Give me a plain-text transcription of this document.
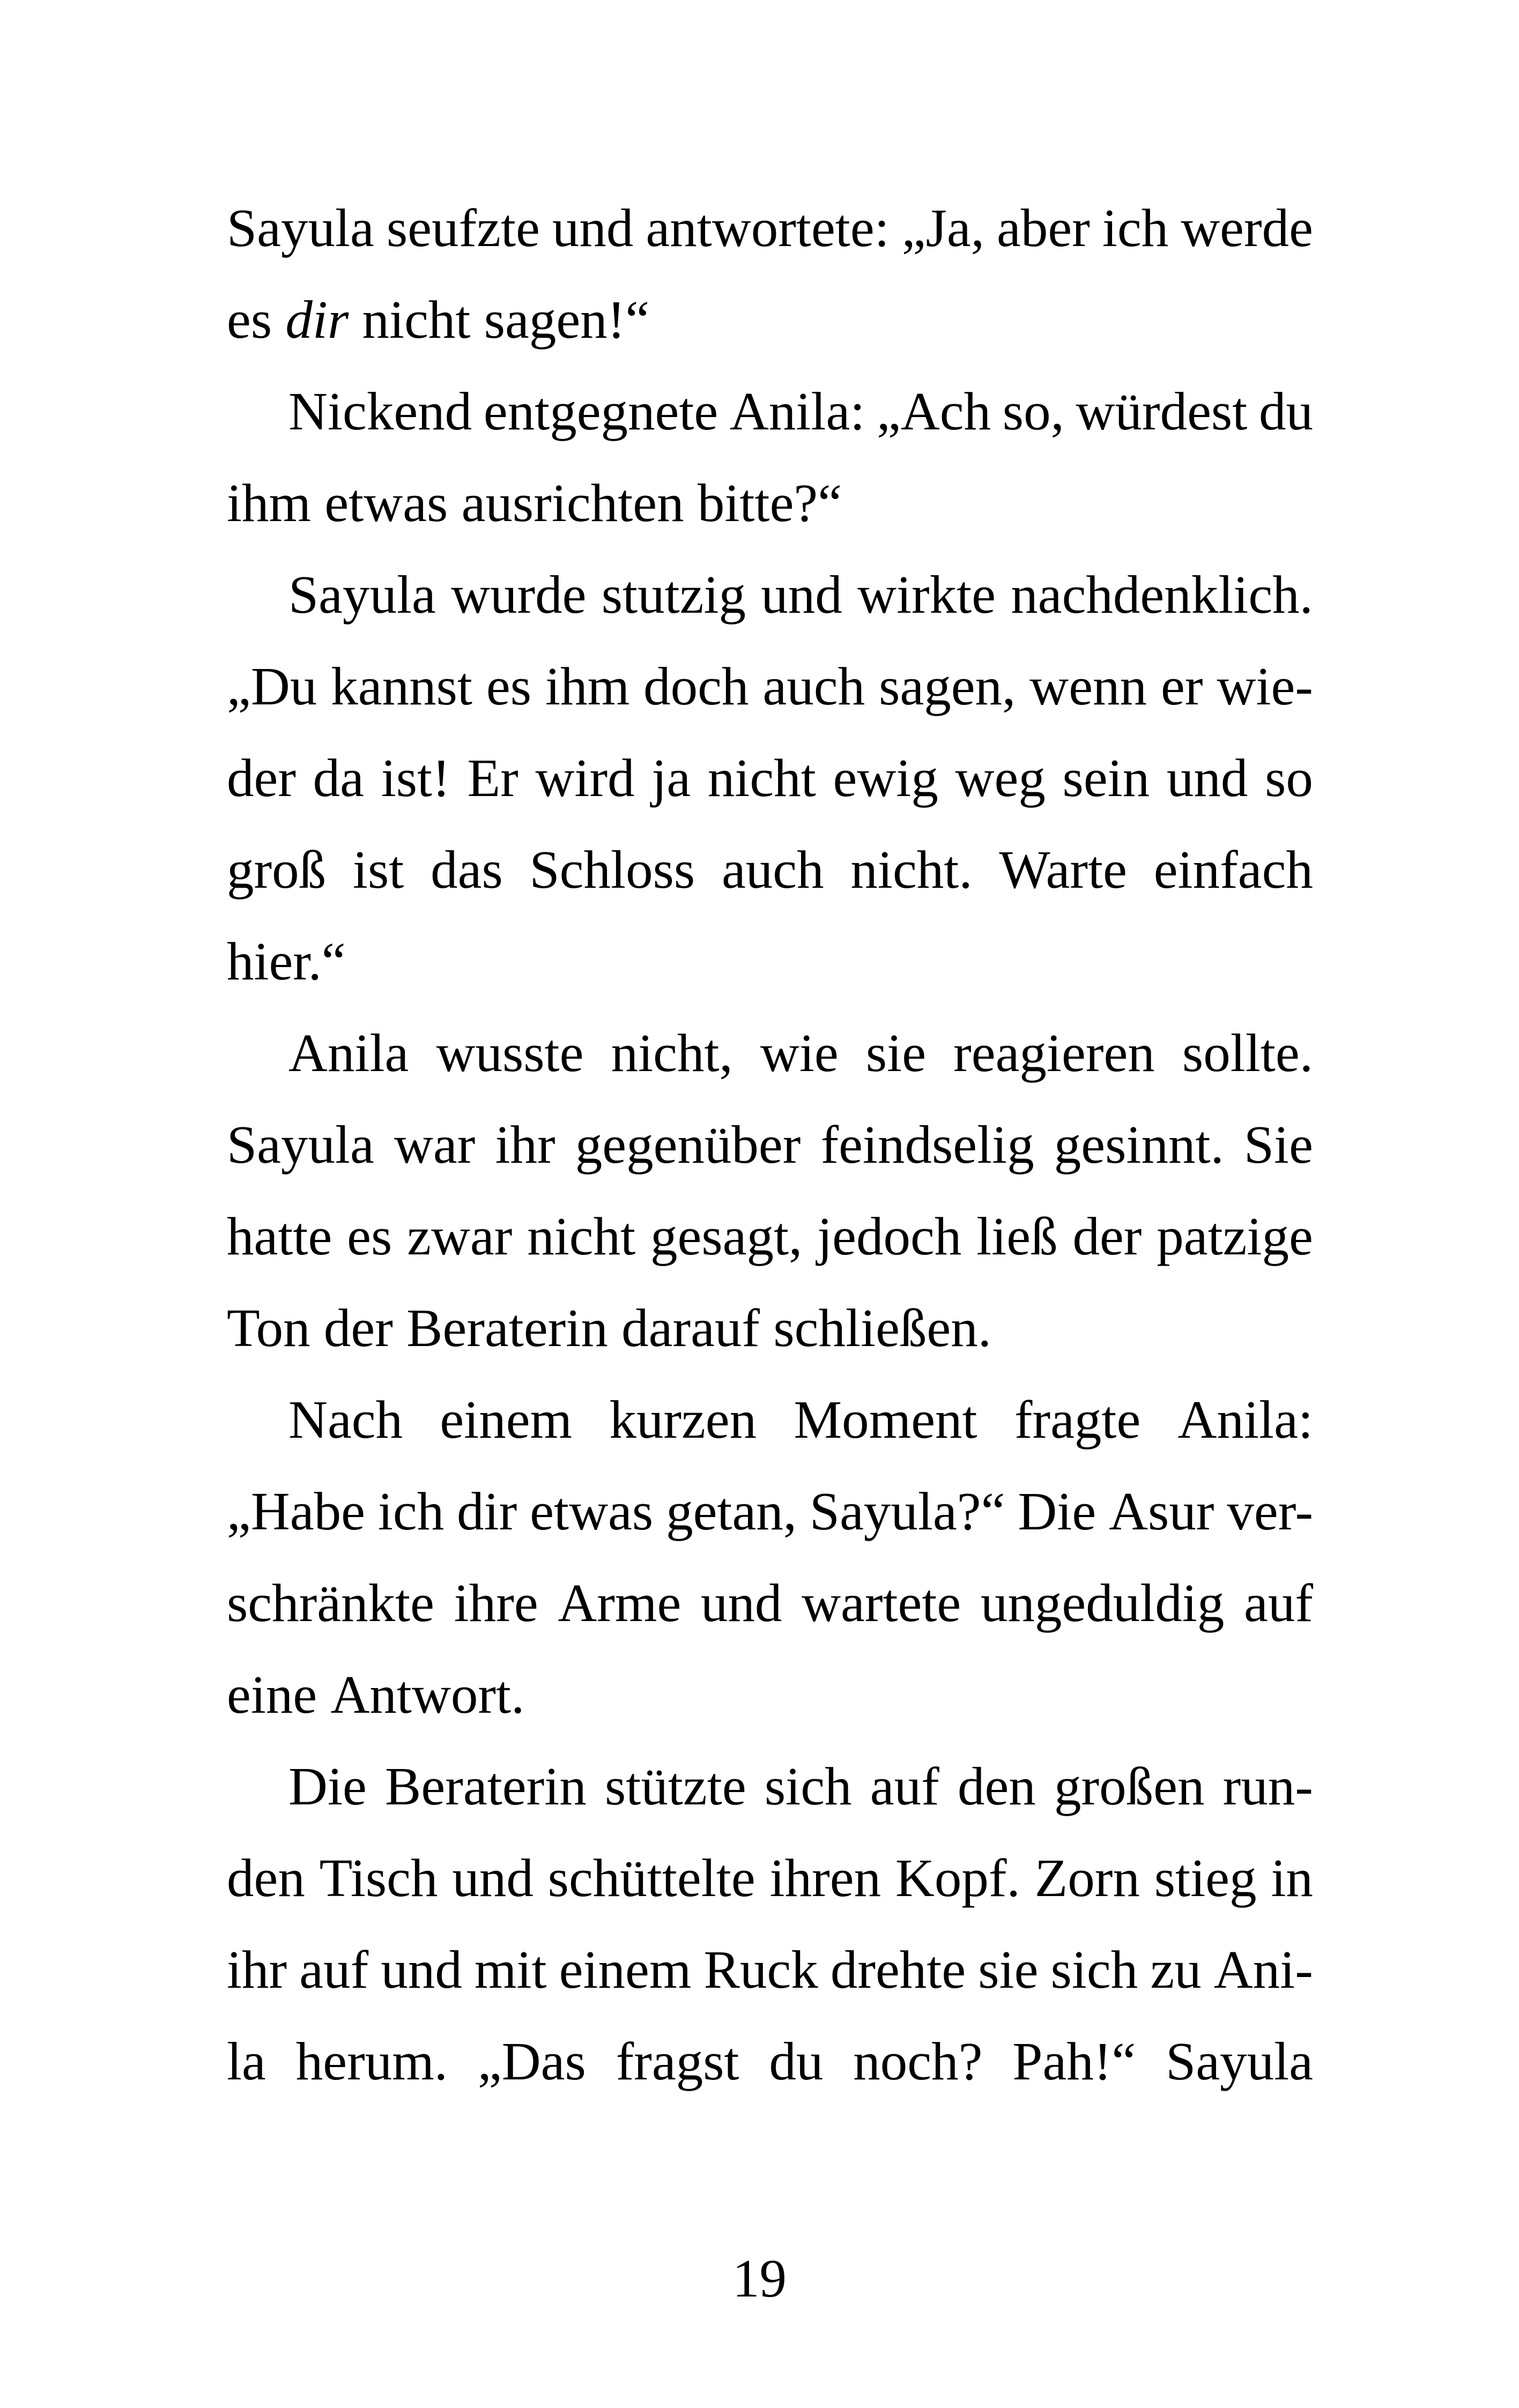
Sayula seufzte und antwortete: „Ja, aber ich werde
es dir nicht sagen!“
Nickend entgegnete Anila: „Ach so, würdest du
ihm etwas ausrichten bitte?“
Sayula wurde stutzig und wirkte nachdenklich.
„Du kannst es ihm doch auch sagen, wenn er wie-
der da ist! Er wird ja nicht ewig weg sein und so
groß ist das Schloss auch nicht. Warte einfach
hier.“
Anila wusste nicht, wie sie reagieren sollte.
Sayula war ihr gegenüber feindselig gesinnt. Sie
hatte es zwar nicht gesagt, jedoch ließ der patzige
Ton der Beraterin darauf schließen.
Nach einem kurzen Moment fragte Anila:
„Habe ich dir etwas getan, Sayula?“ Die Asur ver-
schränkte ihre Arme und wartete ungeduldig auf
eine Antwort.
Die Beraterin stützte sich auf den großen run-
den Tisch und schüttelte ihren Kopf. Zorn stieg in
ihr auf und mit einem Ruck drehte sie sich zu Ani-
la herum. „Das fragst du noch? Pah!“ Sayula
19
